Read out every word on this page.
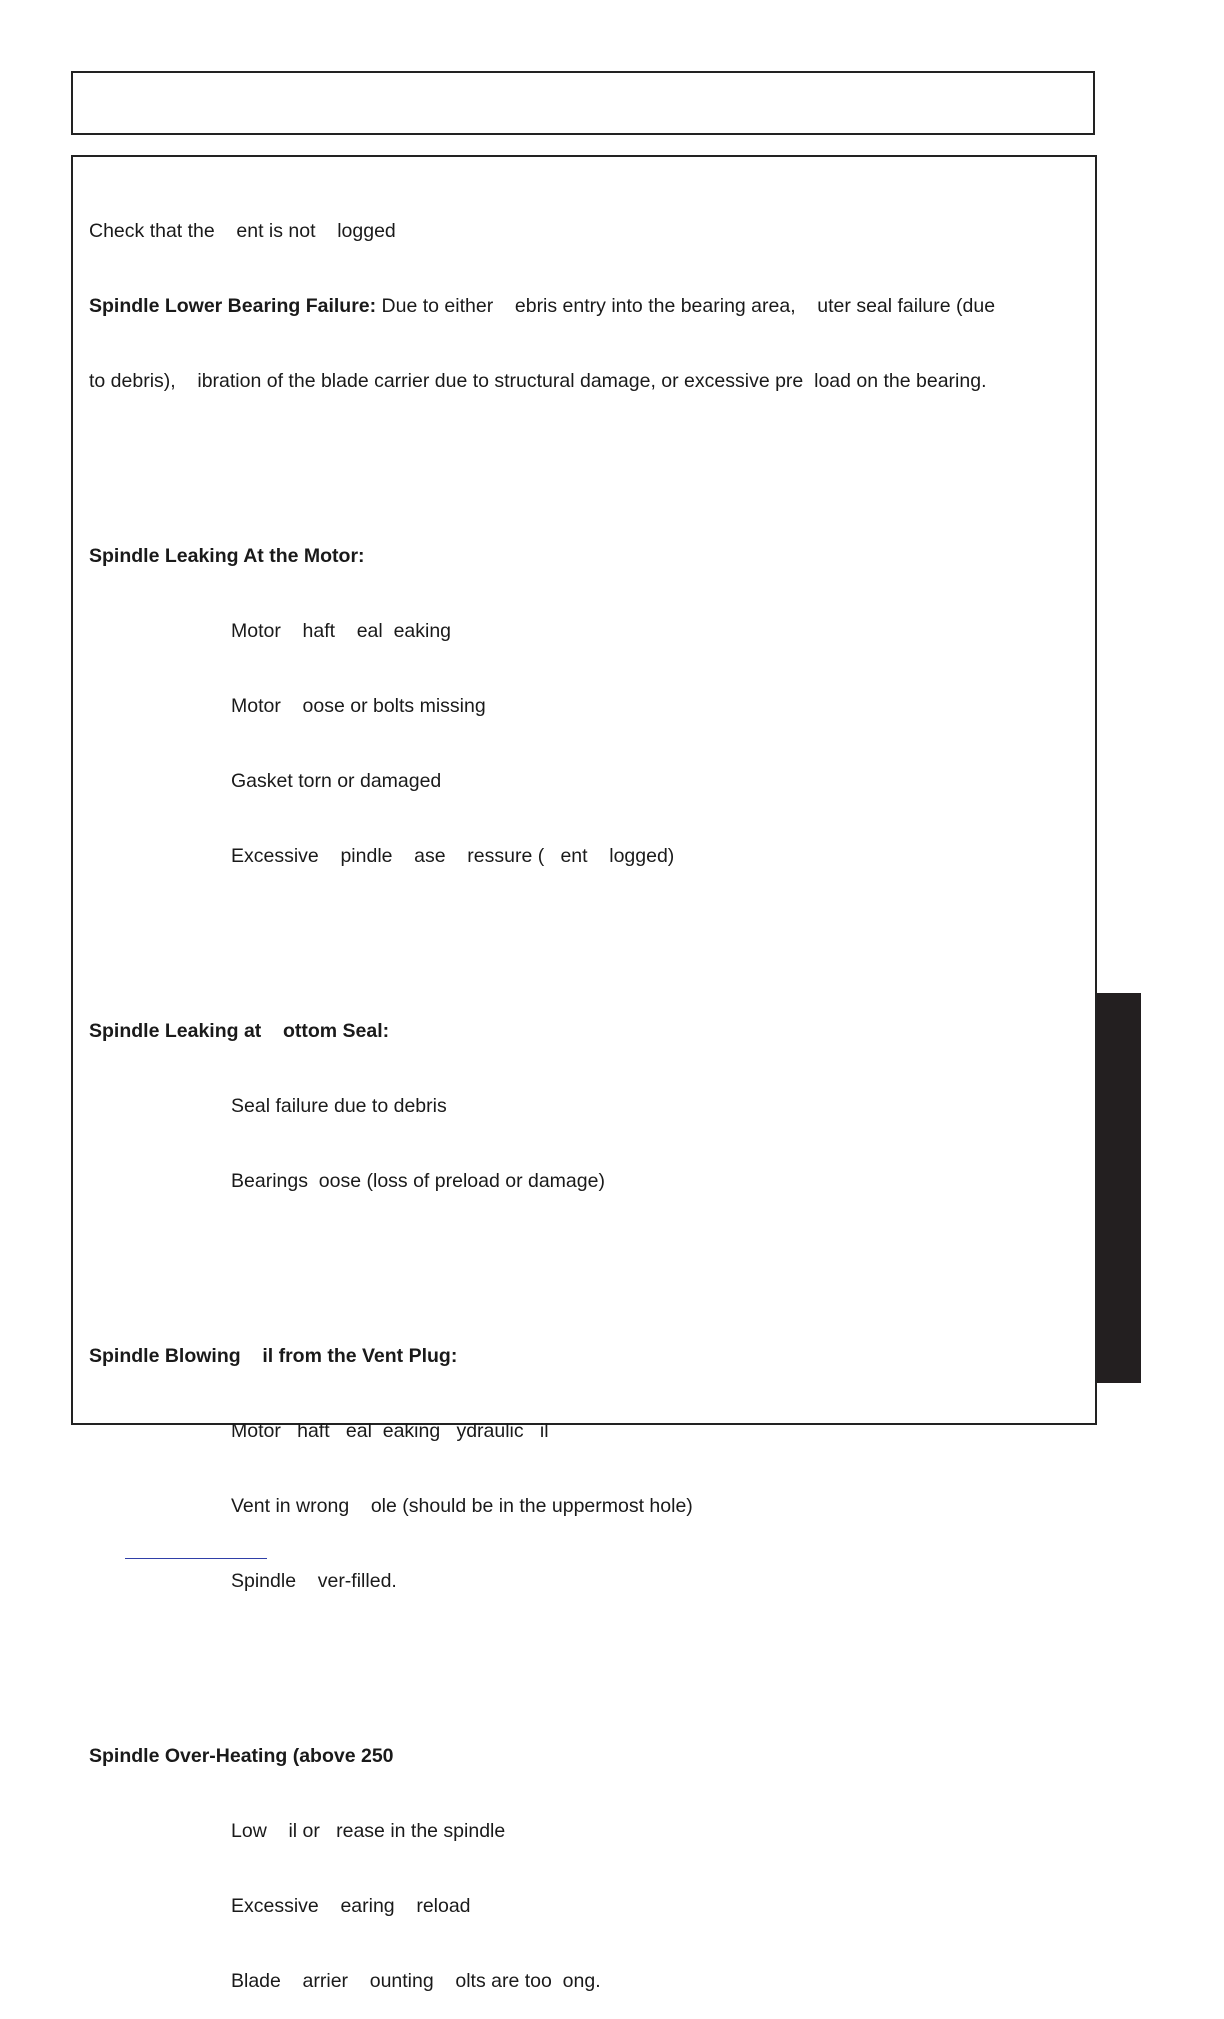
Check that the    ent is not    logged

Spindle Lower Bearing Failure: Due to either    ebris entry into the bearing area,    uter seal failure (due

to debris),    ibration of the blade carrier due to structural damage, or excessive pre  load on the bearing.

Spindle Leaking At the Motor:

Motor    haft    eal  eaking

Motor    oose or bolts missing

Gasket torn or damaged

Excessive    pindle    ase    ressure (   ent    logged)

Spindle Leaking at    ottom Seal:

Seal failure due to debris

Bearings  oose (loss of preload or damage)

Spindle Blowing    il from the Vent Plug:

Motor   haft   eal  eaking   ydraulic   il

Vent in wrong    ole (should be in the uppermost hole)

Spindle    ver-filled.

Spindle Over-Heating (above 250

Low    il or   rease in the spindle

Excessive    earing    reload

Blade    arrier    ounting    olts are too  ong.
